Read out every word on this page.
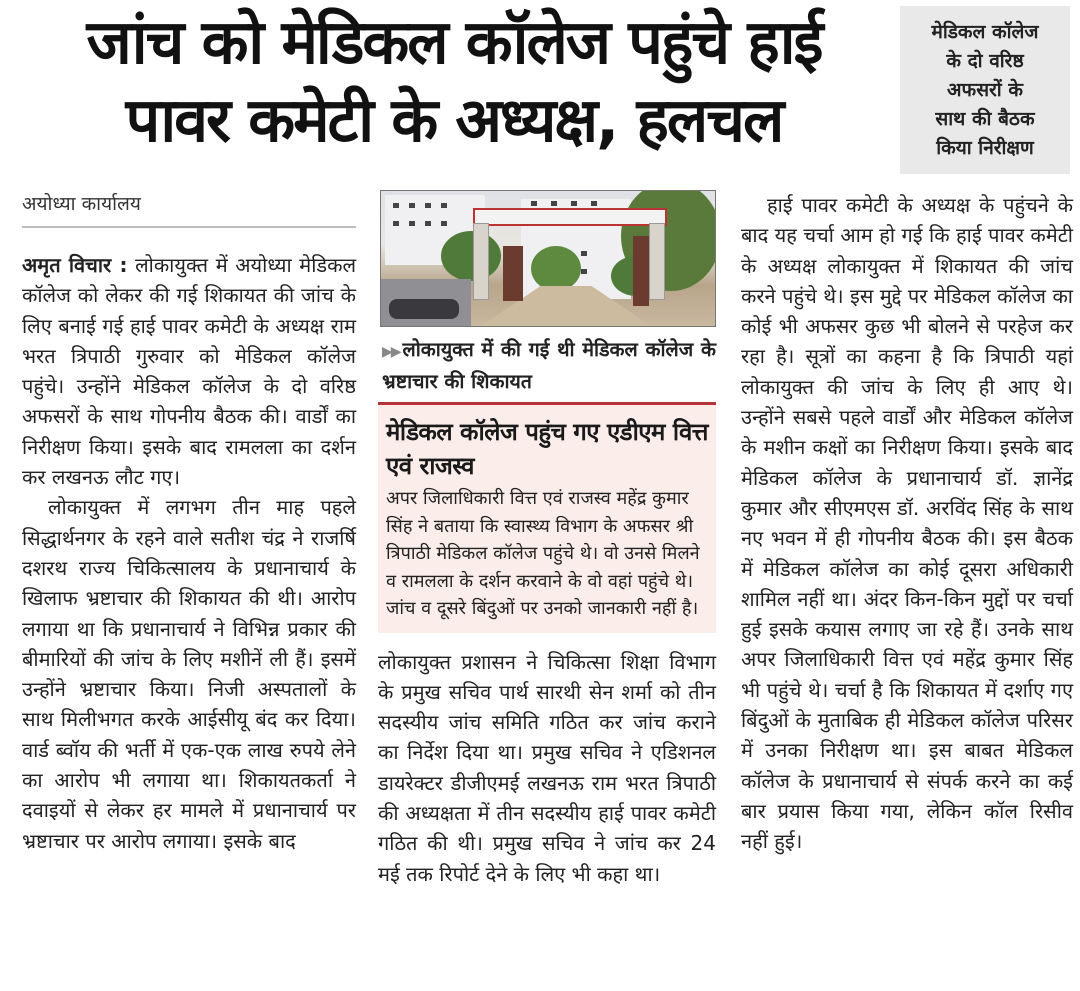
जांच को मेडिकल कॉलेज पहुंचे हाई
पावर कमेटी के अध्यक्ष, हलचल
मेडिकल कॉलेज
के दो वरिष्ठ
अफसरों के
साथ की बैठक
किया निरीक्षण
अयोध्या कार्यालय

अमृत विचार : लोकायुक्त में अयोध्या मेडिकल कॉलेज को लेकर की गई शिकायत की जांच के लिए बनाई गई हाई पावर कमेटी के अध्यक्ष राम भरत त्रिपाठी गुरुवार को मेडिकल कॉलेज पहुंचे। उन्होंने मेडिकल कॉलेज के दो वरिष्ठ अफसरों के साथ गोपनीय बैठक की। वार्डों का निरीक्षण किया। इसके बाद रामलला का दर्शन कर लखनऊ लौट गए।

लोकायुक्त में लगभग तीन माह पहले सिद्धार्थनगर के रहने वाले सतीश चंद्र ने राजर्षि दशरथ राज्य चिकित्सालय के प्रधानाचार्य के खिलाफ भ्रष्टाचार की शिकायत की थी। आरोप लगाया था कि प्रधानाचार्य ने विभिन्न प्रकार की बीमारियों की जांच के लिए मशीनें ली हैं। इसमें उन्होंने भ्रष्टाचार किया। निजी अस्पतालों के साथ मिलीभगत करके आईसीयू बंद कर दिया। वार्ड ब्वॉय की भर्ती में एक-एक लाख रुपये लेने का आरोप भी लगाया था। शिकायतकर्ता ने दवाइयों से लेकर हर मामले में प्रधानाचार्य पर भ्रष्टाचार पर आरोप लगाया। इसके बाद

▶▶ लोकायुक्त में की गई थी मेडिकल कॉलेज के भ्रष्टाचार की शिकायत
मेडिकल कॉलेज पहुंच गए एडीएम वित्त एवं राजस्व
अपर जिलाधिकारी वित्त एवं राजस्व महेंद्र कुमार सिंह ने बताया कि स्वास्थ्य विभाग के अफसर श्री त्रिपाठी मेडिकल कॉलेज पहुंचे थे। वो उनसे मिलने व रामलला के दर्शन करवाने के वो वहां पहुंचे थे। जांच व दूसरे बिंदुओं पर उनको जानकारी नहीं है।

लोकायुक्त प्रशासन ने चिकित्सा शिक्षा विभाग के प्रमुख सचिव पार्थ सारथी सेन शर्मा को तीन सदस्यीय जांच समिति गठित कर जांच कराने का निर्देश दिया था। प्रमुख सचिव ने एडिशनल डायरेक्टर डीजीएमई लखनऊ राम भरत त्रिपाठी की अध्यक्षता में तीन सदस्यीय हाई पावर कमेटी गठित की थी। प्रमुख सचिव ने जांच कर 24 मई तक रिपोर्ट देने के लिए भी कहा था।

हाई पावर कमेटी के अध्यक्ष के पहुंचने के बाद यह चर्चा आम हो गई कि हाई पावर कमेटी के अध्यक्ष लोकायुक्त में शिकायत की जांच करने पहुंचे थे। इस मुद्दे पर मेडिकल कॉलेज का कोई भी अफसर कुछ भी बोलने से परहेज कर रहा है। सूत्रों का कहना है कि त्रिपाठी यहां लोकायुक्त की जांच के लिए ही आए थे। उन्होंने सबसे पहले वार्डों और मेडिकल कॉलेज के मशीन कक्षों का निरीक्षण किया। इसके बाद मेडिकल कॉलेज के प्रधानाचार्य डॉ. ज्ञानेंद्र कुमार और सीएमएस डॉ. अरविंद सिंह के साथ नए भवन में ही गोपनीय बैठक की। इस बैठक में मेडिकल कॉलेज का कोई दूसरा अधिकारी शामिल नहीं था। अंदर किन-किन मुद्दों पर चर्चा हुई इसके कयास लगाए जा रहे हैं। उनके साथ अपर जिलाधिकारी वित्त एवं महेंद्र कुमार सिंह भी पहुंचे थे। चर्चा है कि शिकायत में दर्शाए गए बिंदुओं के मुताबिक ही मेडिकल कॉलेज परिसर में उनका निरीक्षण था। इस बाबत मेडिकल कॉलेज के प्रधानाचार्य से संपर्क करने का कई बार प्रयास किया गया, लेकिन कॉल रिसीव नहीं हुई।
